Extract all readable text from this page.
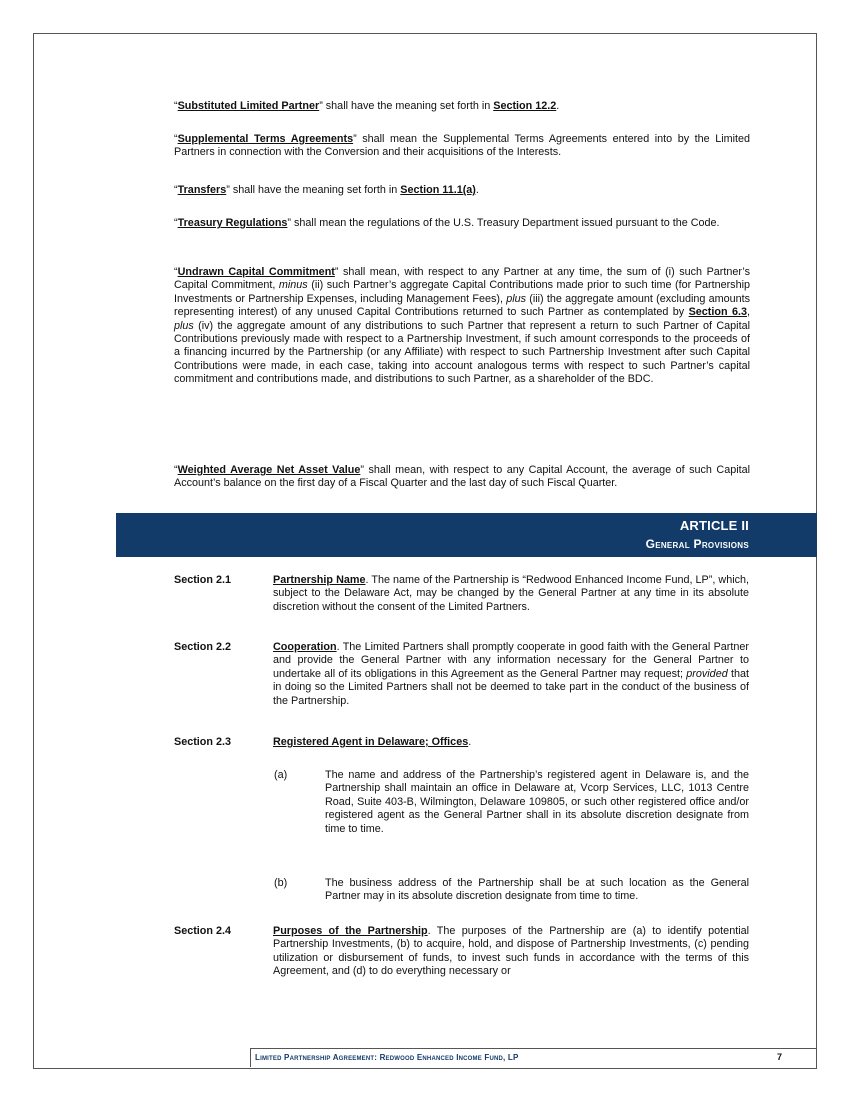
“Substituted Limited Partner” shall have the meaning set forth in Section 12.2.

“Supplemental Terms Agreements” shall mean the Supplemental Terms Agreements entered into by the Limited Partners in connection with the Conversion and their acquisitions of the Interests.

“Transfers” shall have the meaning set forth in Section 11.1(a).

“Treasury Regulations” shall mean the regulations of the U.S. Treasury Department issued pursuant to the Code.

“Undrawn Capital Commitment” shall mean, with respect to any Partner at any time, the sum of (i) such Partner’s Capital Commitment, minus (ii) such Partner’s aggregate Capital Contributions made prior to such time (for Partnership Investments or Partnership Expenses, including Management Fees), plus (iii) the aggregate amount (excluding amounts representing interest) of any unused Capital Contributions returned to such Partner as contemplated by Section 6.3, plus (iv) the aggregate amount of any distributions to such Partner that represent a return to such Partner of Capital Contributions previously made with respect to a Partnership Investment, if such amount corresponds to the proceeds of a financing incurred by the Partnership (or any Affiliate) with respect to such Partnership Investment after such Capital Contributions were made, in each case, taking into account analogous terms with respect to such Partner’s capital commitment and contributions made, and distributions to such Partner, as a shareholder of the BDC.

“Weighted Average Net Asset Value” shall mean, with respect to any Capital Account, the average of such Capital Account’s balance on the first day of a Fiscal Quarter and the last day of such Fiscal Quarter.

ARTICLE II
General Provisions
Section 2.1	Partnership Name. The name of the Partnership is “Redwood Enhanced Income Fund, LP”, which, subject to the Delaware Act, may be changed by the General Partner at any time in its absolute discretion without the consent of the Limited Partners.

Section 2.2	Cooperation. The Limited Partners shall promptly cooperate in good faith with the General Partner and provide the General Partner with any information necessary for the General Partner to undertake all of its obligations in this Agreement as the General Partner may request; provided that in doing so the Limited Partners shall not be deemed to take part in the conduct of the business of the Partnership.

Section 2.3	Registered Agent in Delaware; Offices.

(a)	The name and address of the Partnership’s registered agent in Delaware is, and the Partnership shall maintain an office in Delaware at, Vcorp Services, LLC, 1013 Centre Road, Suite 403-B, Wilmington, Delaware 109805, or such other registered office and/or registered agent as the General Partner shall in its absolute discretion designate from time to time.

(b)	The business address of the Partnership shall be at such location as the General Partner may in its absolute discretion designate from time to time.

Section 2.4	Purposes of the Partnership. The purposes of the Partnership are (a) to identify potential Partnership Investments, (b) to acquire, hold, and dispose of Partnership Investments, (c) pending utilization or disbursement of funds, to invest such funds in accordance with the terms of this Agreement, and (d) to do everything necessary or

Limited Partnership Agreement: Redwood Enhanced Income Fund, LP	7
